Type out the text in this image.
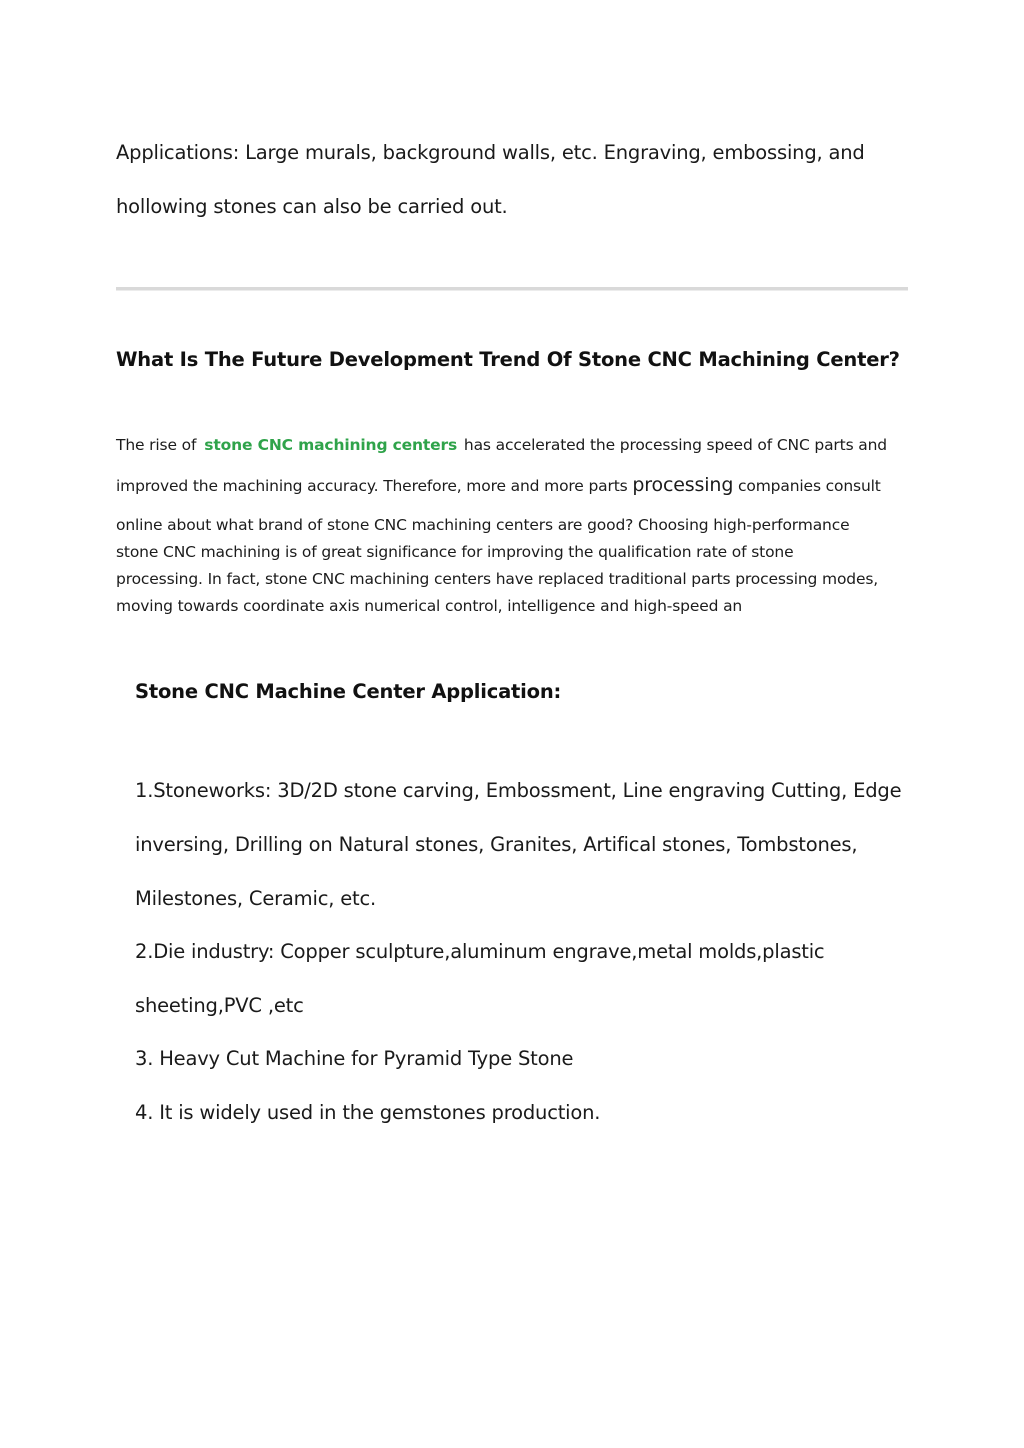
Applications: Large murals, background walls, etc. Engraving, embossing, and

hollowing stones can also be carried out.

What Is The Future Development Trend Of Stone CNC Machining Center?

The rise of stone CNC machining centers has accelerated the processing speed of CNC parts and

improved the machining accuracy. Therefore, more and more parts processing companies consult

online about what brand of stone CNC machining centers are good? Choosing high-performance

stone CNC machining is of great significance for improving the qualification rate of stone

processing. In fact, stone CNC machining centers have replaced traditional parts processing modes,

moving towards coordinate axis numerical control, intelligence and high-speed an

Stone CNC Machine Center Application:

1.Stoneworks: 3D/2D stone carving, Embossment, Line engraving Cutting, Edge

inversing, Drilling on Natural stones, Granites, Artifical stones, Tombstones,

Milestones, Ceramic, etc.

2.Die industry: Copper sculpture,aluminum engrave,metal molds,plastic

sheeting,PVC ,etc

3. Heavy Cut Machine for Pyramid Type Stone

4. It is widely used in the gemstones production.
